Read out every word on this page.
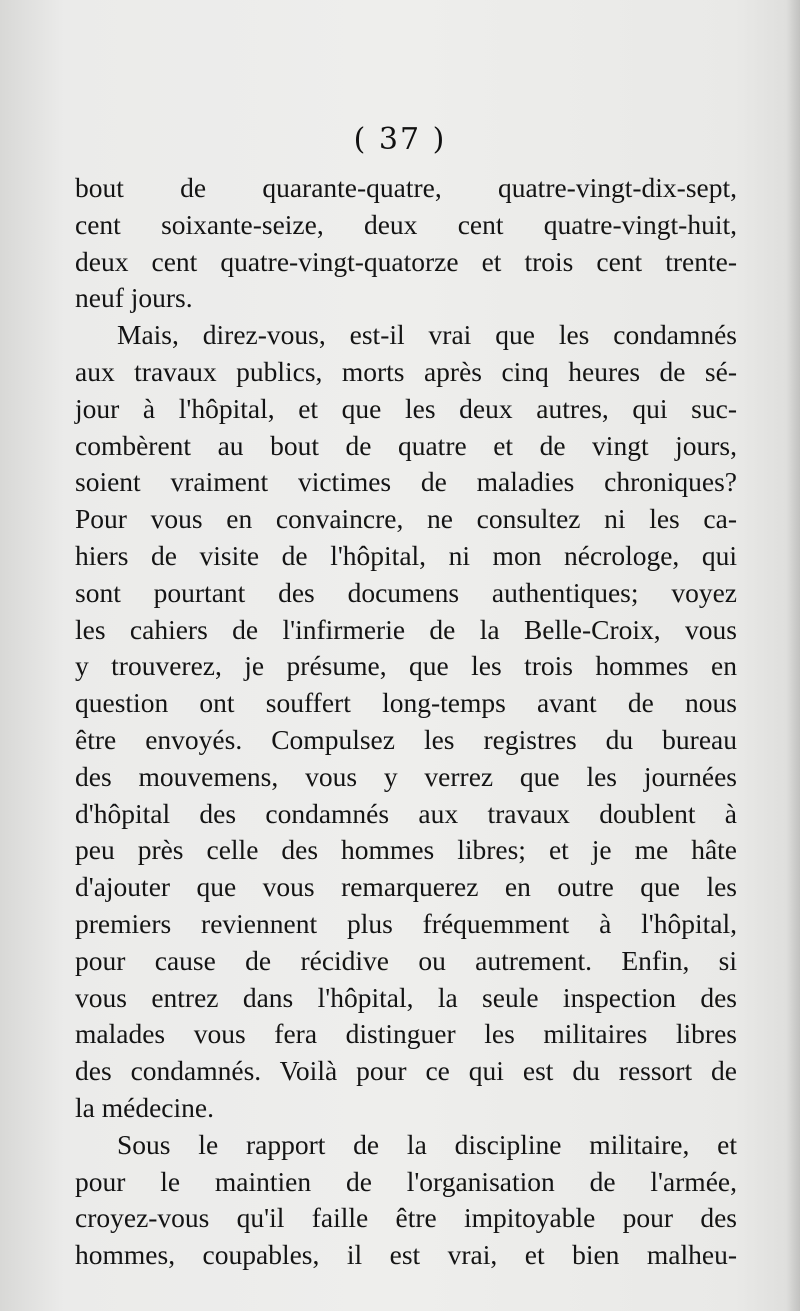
( 37 )
bout de quarante-quatre, quatre-vingt-dix-sept,
cent soixante-seize, deux cent quatre-vingt-huit,
deux cent quatre-vingt-quatorze et trois cent trente-
neuf jours.
Mais, direz-vous, est-il vrai que les condamnés
aux travaux publics, morts après cinq heures de sé-
jour à l'hôpital, et que les deux autres, qui suc-
combèrent au bout de quatre et de vingt jours,
soient vraiment victimes de maladies chroniques?
Pour vous en convaincre, ne consultez ni les ca-
hiers de visite de l'hôpital, ni mon nécrologe, qui
sont pourtant des documens authentiques; voyez
les cahiers de l'infirmerie de la Belle-Croix, vous
y trouverez, je présume, que les trois hommes en
question ont souffert long-temps avant de nous
être envoyés. Compulsez les registres du bureau
des mouvemens, vous y verrez que les journées
d'hôpital des condamnés aux travaux doublent à
peu près celle des hommes libres; et je me hâte
d'ajouter que vous remarquerez en outre que les
premiers reviennent plus fréquemment à l'hôpital,
pour cause de récidive ou autrement. Enfin, si
vous entrez dans l'hôpital, la seule inspection des
malades vous fera distinguer les militaires libres
des condamnés. Voilà pour ce qui est du ressort de
la médecine.
Sous le rapport de la discipline militaire, et
pour le maintien de l'organisation de l'armée,
croyez-vous qu'il faille être impitoyable pour des
hommes, coupables, il est vrai, et bien malheu-
